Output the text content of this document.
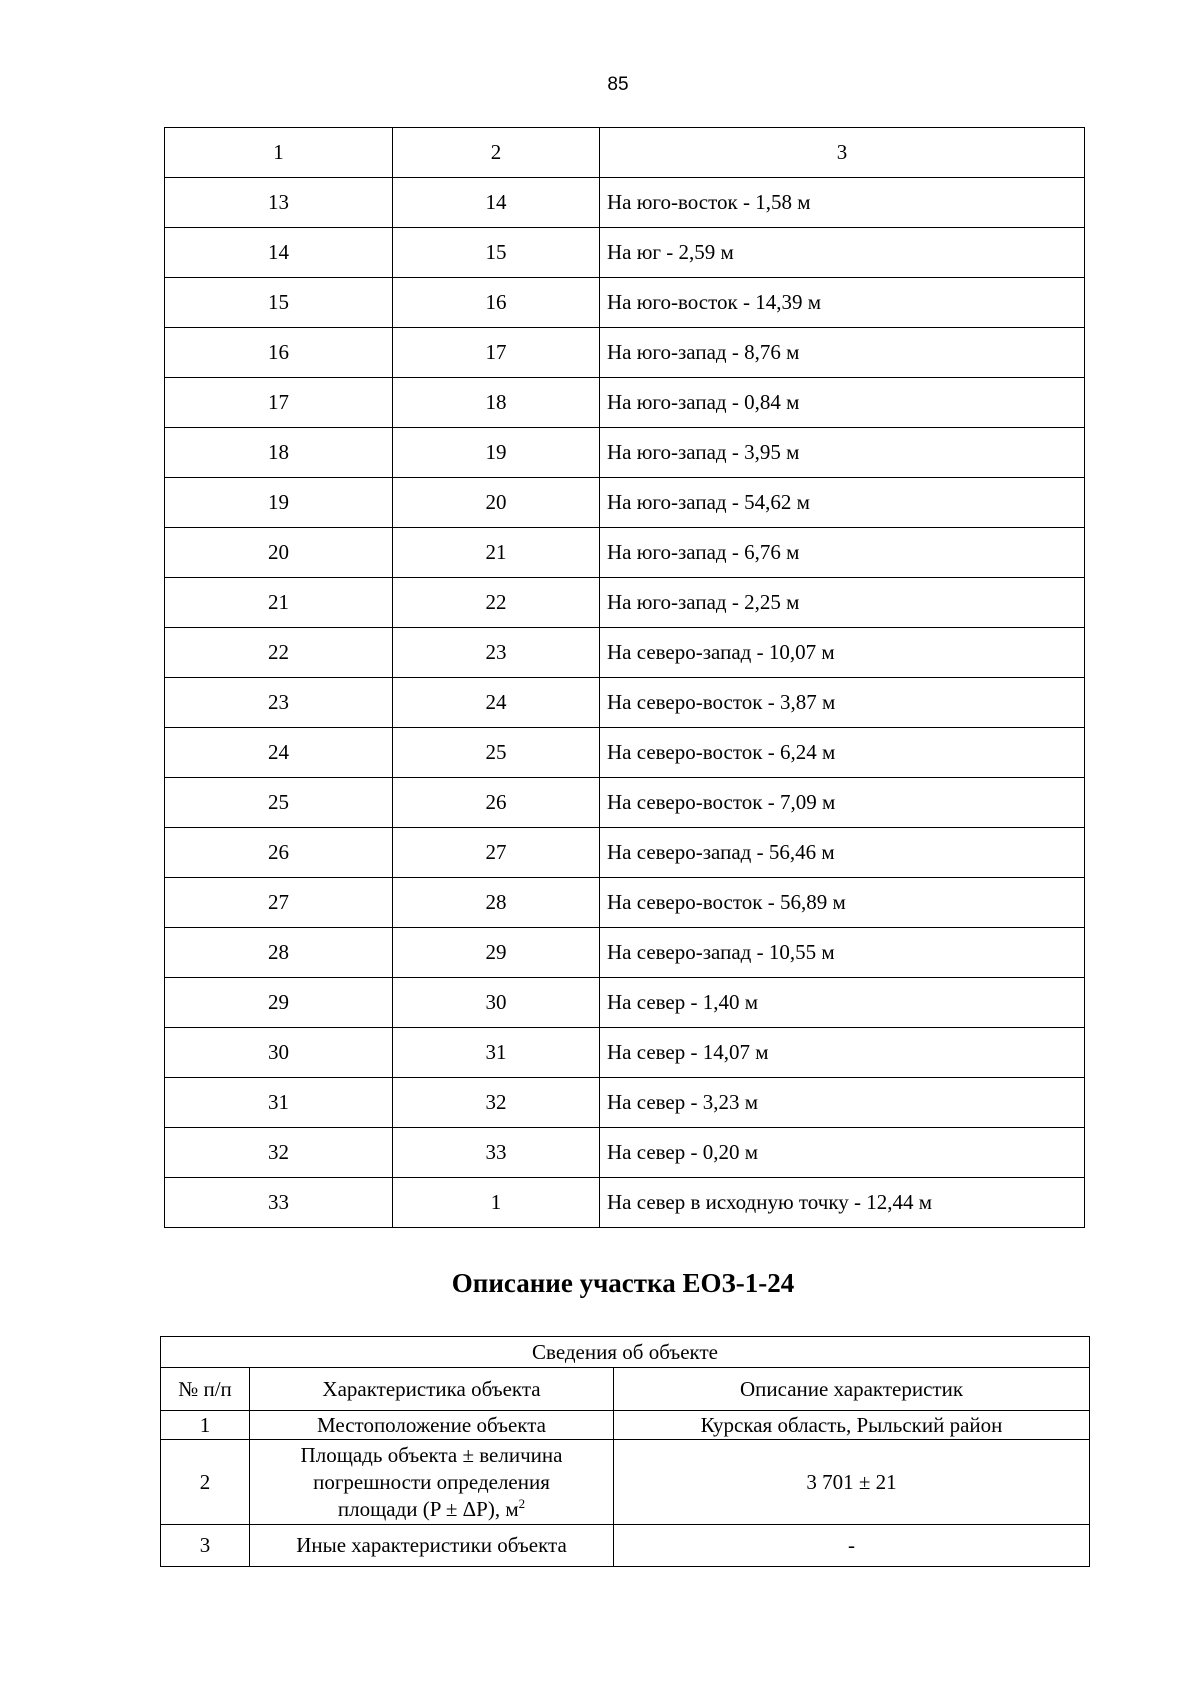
85
1	2	3
13	14	На юго-восток - 1,58 м
14	15	На юг - 2,59 м
15	16	На юго-восток - 14,39 м
16	17	На юго-запад - 8,76 м
17	18	На юго-запад - 0,84 м
18	19	На юго-запад - 3,95 м
19	20	На юго-запад - 54,62 м
20	21	На юго-запад - 6,76 м
21	22	На юго-запад - 2,25 м
22	23	На северо-запад - 10,07 м
23	24	На северо-восток - 3,87 м
24	25	На северо-восток - 6,24 м
25	26	На северо-восток - 7,09 м
26	27	На северо-запад - 56,46 м
27	28	На северо-восток - 56,89 м
28	29	На северо-запад - 10,55 м
29	30	На север - 1,40 м
30	31	На север - 14,07 м
31	32	На север - 3,23 м
32	33	На север - 0,20 м
33	1	На север в исходную точку - 12,44 м
Описание участка ЕОЗ-1-24
Сведения об объекте		
№ п/п	Характеристика объекта	Описание характеристик
1	Местоположение объекта	Курская область, Рыльский район
2	Площадь объекта ± величина
погрешности определения
площади (P ± ΔP), $м^2$	3 701 ± 21
3	Иные характеристики объекта	-
